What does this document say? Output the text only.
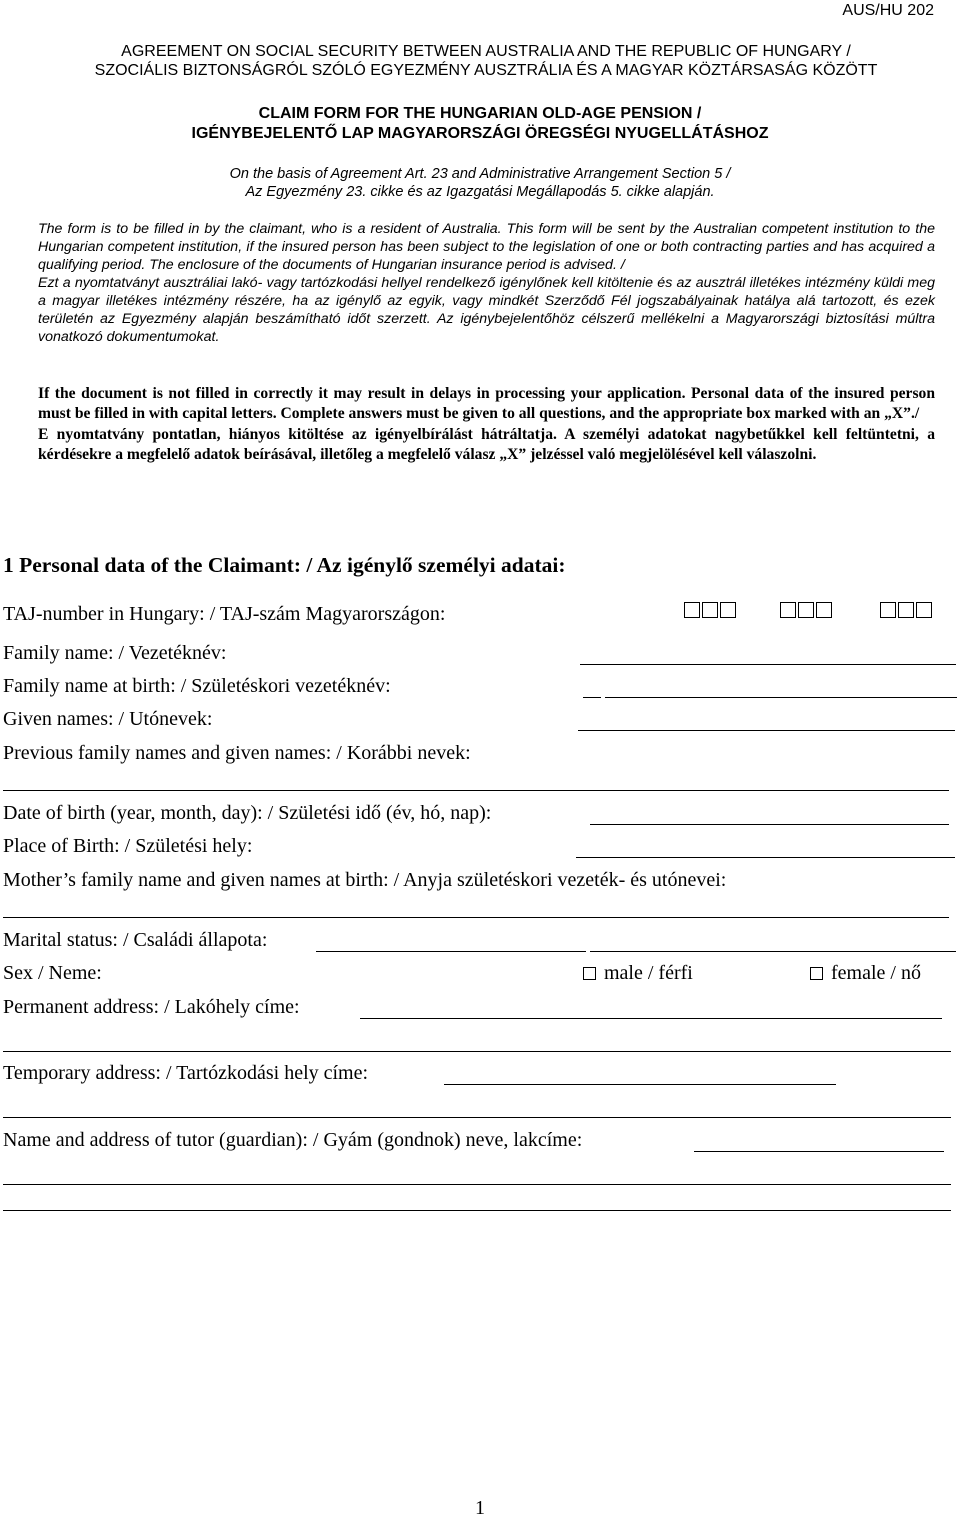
AUS/HU 202
AGREEMENT ON SOCIAL SECURITY BETWEEN AUSTRALIA AND THE REPUBLIC OF HUNGARY /
SZOCIÁLIS BIZTONSÁGRÓL SZÓLÓ EGYEZMÉNY AUSZTRÁLIA ÉS A MAGYAR KÖZTÁRSASÁG KÖZÖTT
CLAIM FORM FOR THE HUNGARIAN OLD-AGE PENSION /
IGÉNYBEJELENTŐ LAP MAGYARORSZÁGI ÖREGSÉGI NYUGELLÁTÁSHOZ
On the basis of Agreement Art. 23 and Administrative Arrangement Section 5 /
Az Egyezmény 23. cikke és az Igazgatási Megállapodás 5. cikke alapján.

The form is to be filled in by the claimant, who is a resident of Australia. This form will be sent by the Australian competent institution to the Hungarian competent institution, if the insured person has been subject to the legislation of one or both contracting parties and has acquired a qualifying period. The enclosure of the documents of Hungarian insurance period is advised. /

Ezt a nyomtatványt ausztráliai lakó- vagy tartózkodási hellyel rendelkező igénylőnek kell kitöltenie és az ausztrál illetékes intézmény küldi meg a magyar illetékes intézmény részére, ha az igénylő az egyik, vagy mindkét Szerződő Fél jogszabályainak hatálya alá tartozott, és ezek területén az Egyezmény alapján beszámítható időt szerzett. Az igénybejelentőhöz célszerű mellékelni a Magyarországi biztosítási múltra vonatkozó dokumentumokat.

If the document is not filled in correctly it may result in delays in processing your application. Personal data of the insured person must be filled in with capital letters. Complete answers must be given to all questions, and the appropriate box marked with an „X”./

E nyomtatvány pontatlan, hiányos kitöltése az igényelbírálást hátráltatja. A személyi adatokat nagybetűkkel kell feltüntetni, a kérdésekre a megfelelő adatok beírásával, illetőleg a megfelelő válasz „X” jelzéssel való megjelölésével kell válaszolni.

1 Personal data of the Claimant: / Az igénylő személyi adatai:
TAJ-number in Hungary: / TAJ-szám Magyarországon:
Family name: / Vezetéknév:
Family name at birth: / Születéskori vezetéknév:
Given names: / Utónevek:
Previous family names and given names: / Korábbi nevek:
Date of birth (year, month, day): / Születési idő (év, hó, nap):
Place of Birth: / Születési hely:
Mother’s family name and given names at birth: / Anyja születéskori vezeték- és utónevei:
Marital status: / Családi állapota:
Sex / Neme:	male / férfi	female / nő
Permanent address: / Lakóhely címe:
Temporary address: / Tartózkodási hely címe:
Name and address of tutor (guardian): / Gyám (gondnok) neve, lakcíme:
1
